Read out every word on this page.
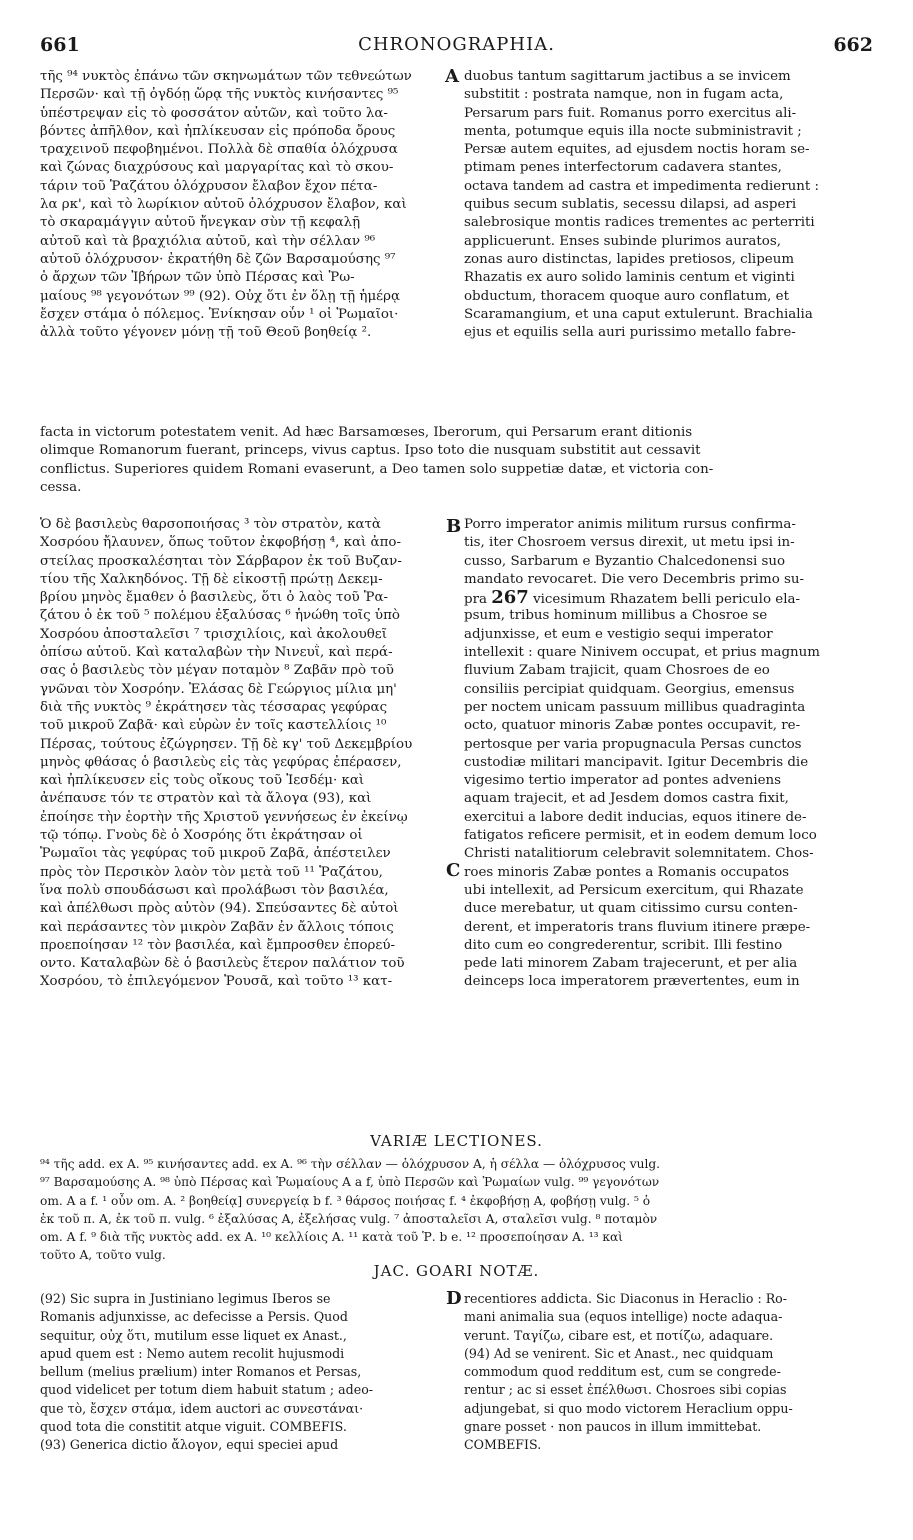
661	CHRONOGRAPHIA.	662
τῆς ⁹⁴ νυκτὸς ἐπάνω τῶν σκηνωμάτων τῶν τεθνεώτων
Περσῶν· καὶ τῇ ὀγδόῃ ὥρᾳ τῆς νυκτὸς κινήσαντες ⁹⁵
ὑπέστρεψαν εἰς τὸ φοσσάτον αὐτῶν, καὶ τοῦτο λα-
βόντες ἀπῆλθον, καὶ ἠπλίκευσαν εἰς πρόποδα ὄρους
τραχεινοῦ πεφοβημένοι. Πολλὰ δὲ σπαθία ὁλόχρυσα
καὶ ζώνας διαχρύσους καὶ μαργαρίτας καὶ τὸ σκου-
τάριν τοῦ Ῥαζάτου ὁλόχρυσον ἔλαβον ἔχον πέτα-
λα ρκ', καὶ τὸ λωρίκιον αὐτοῦ ὁλόχρυσον ἔλαβον, καὶ
τὸ σκαραμάγγιν αὐτοῦ ἤνεγκαν σὺν τῇ κεφαλῇ
αὐτοῦ καὶ τὰ βραχιόλια αὐτοῦ, καὶ τὴν σέλλαν ⁹⁶
αὐτοῦ ὁλόχρυσον· ἐκρατήθη δὲ ζῶν Βαρσαμούσης ⁹⁷
ὁ ἄρχων τῶν Ἰβήρων τῶν ὑπὸ Πέρσας καὶ Ῥω-
μαίους ⁹⁸ γεγονότων ⁹⁹ (92). Οὐχ ὅτι ἐν ὅλῃ τῇ ἡμέρᾳ
ἔσχεν στάμα ὁ πόλεμος. Ἐνίκησαν οὖν ¹ οἱ Ῥωμαῖοι·
ἀλλὰ τοῦτο γέγονεν μόνῃ τῇ τοῦ Θεοῦ βοηθείᾳ ².
A duobus tantum sagittarum jactibus a se invicem
substitit : postrata namque, non in fugam acta,
Persarum pars fuit. Romanus porro exercitus ali-
menta, potumque equis illa nocte subministravit ;
Persæ autem equites, ad ejusdem noctis horam se-
ptimam penes interfectorum cadavera stantes,
octava tandem ad castra et impedimenta redierunt :
quibus secum sublatis, secessu dilapsi, ad asperi
salebrosique montis radices trementes ac perterriti
applicuerunt. Enses subinde plurimos auratos,
zonas auro distinctas, lapides pretiosos, clipeum
Rhazatis ex auro solido laminis centum et viginti
obductum, thoracem quoque auro conflatum, et
Scaramangium, et una caput extulerunt. Brachialia
ejus et equilis sella auri purissimo metallo fabre-
facta in victorum potestatem venit. Ad hæc Barsamœses, Iberorum, qui Persarum erant ditionis
olimque Romanorum fuerant, princeps, vivus captus. Ipso toto die nusquam substitit aut cessavit
conflictus. Superiores quidem Romani evaserunt, a Deo tamen solo suppetiæ datæ, et victoria con-
cessa.
Ὁ δὲ βασιλεὺς θαρσοποιήσας ³ τὸν στρατὸν, κατὰ
Χοσρόου ἤλαυνεν, ὅπως τοῦτον ἐκφοβήσῃ ⁴, καὶ ἀπο-
στείλας προσκαλέσηται τὸν Σάρβαρον ἐκ τοῦ Βυζαν-
τίου τῆς Χαλκηδόνος. Τῇ δὲ εἰκοστῇ πρώτῃ Δεκεμ-
βρίου μηνὸς ἔμαθεν ὁ βασιλεὺς, ὅτι ὁ λαὸς τοῦ Ῥα-
ζάτου ὁ ἐκ τοῦ ⁵ πολέμου ἐξαλύσας ⁶ ἡνώθη τοῖς ὑπὸ
Χοσρόου ἀποσταλεῖσι ⁷ τρισχιλίοις, καὶ ἀκολουθεῖ
ὀπίσω αὐτοῦ. Καὶ καταλαβὼν τὴν Νινευῒ, καὶ περά-
σας ὁ βασιλεὺς τὸν μέγαν ποταμὸν ⁸ Ζαβᾶν πρὸ τοῦ
γνῶναι τὸν Χοσρόην. Ἐλάσας δὲ Γεώργιος μίλια μη'
διὰ τῆς νυκτὸς ⁹ ἐκράτησεν τὰς τέσσαρας γεφύρας
τοῦ μικροῦ Ζαβᾶ· καὶ εὑρὼν ἐν τοῖς καστελλίοις ¹⁰
Πέρσας, τούτους ἐζώγρησεν. Τῇ δὲ κγ' τοῦ Δεκεμβρίου
μηνὸς φθάσας ὁ βασιλεὺς εἰς τὰς γεφύρας ἐπέρασεν,
καὶ ἠπλίκευσεν εἰς τοὺς οἴκους τοῦ Ἰεσδέμ· καὶ
ἀνέπαυσε τόν τε στρατὸν καὶ τὰ ἄλογα (93), καὶ
ἐποίησε τὴν ἑορτὴν τῆς Χριστοῦ γεννήσεως ἐν ἐκείνῳ
τῷ τόπῳ. Γνοὺς δὲ ὁ Χοσρόης ὅτι ἐκράτησαν οἱ
Ῥωμαῖοι τὰς γεφύρας τοῦ μικροῦ Ζαβᾶ, ἀπέστειλεν
πρὸς τὸν Περσικὸν λαὸν τὸν μετὰ τοῦ ¹¹ Ῥαζάτου,
ἵνα πολὺ σπουδάσωσι καὶ προλάβωσι τὸν βασιλέα,
καὶ ἀπέλθωσι πρὸς αὐτὸν (94). Σπεύσαντες δὲ αὐτοὶ
καὶ περάσαντες τὸν μικρὸν Ζαβᾶν ἐν ἄλλοις τόποις
προεποίησαν ¹² τὸν βασιλέα, καὶ ἔμπροσθεν ἐπορεύ-
οντο. Καταλαβὼν δὲ ὁ βασιλεὺς ἕτερον παλάτιον τοῦ
Χοσρόου, τὸ ἐπιλεγόμενον Ῥουσᾶ, καὶ τοῦτο ¹³ κατ-
B
C
Porro imperator animis militum rursus confirma-
tis, iter Chosroem versus direxit, ut metu ipsi in-
cusso, Sarbarum e Byzantio Chalcedonensi suo
mandato revocaret. Die vero Decembris primo su-
pra 267 vicesimum Rhazatem belli periculo ela-
psum, tribus hominum millibus a Chosroe se
adjunxisse, et eum e vestigio sequi imperator
intellexit : quare Ninivem occupat, et prius magnum
fluvium Zabam trajicit, quam Chosroes de eo
consiliis percipiat quidquam. Georgius, emensus
per noctem unicam passuum millibus quadraginta
octo, quatuor minoris Zabæ pontes occupavit, re-
pertosque per varia propugnacula Persas cunctos
custodiæ militari mancipavit. Igitur Decembris die
vigesimo tertio imperator ad pontes adveniens
aquam trajecit, et ad Jesdem domos castra fixit,
exercitui a labore dedit inducias, equos itinere de-
fatigatos reficere permisit, et in eodem demum loco
Christi natalitiorum celebravit solemnitatem. Chos-
roes minoris Zabæ pontes a Romanis occupatos
ubi intellexit, ad Persicum exercitum, qui Rhazate
duce merebatur, ut quam citissimo cursu conten-
derent, et imperatoris trans fluvium itinere præpe-
dito cum eo congrederentur, scribit. Illi festino
pede lati minorem Zabam trajecerunt, et per alia
deinceps loca imperatorem prævertentes, eum in
VARIÆ LECTIONES.
⁹⁴ τῆς add. ex A. ⁹⁵ κινήσαντες add. ex A. ⁹⁶ τὴν σέλλαν — ὁλόχρυσον A, ἡ σέλλα — ὁλόχρυσος vulg.
⁹⁷ Βαρσαμούσης A. ⁹⁸ ὑπὸ Πέρσας καὶ Ῥωμαίους A a f, ὑπὸ Περσῶν καὶ Ῥωμαίων vulg. ⁹⁹ γεγονότων
om. A a f. ¹ οὖν om. A. ² βοηθείᾳ] συνεργείᾳ b f. ³ θάρσος ποιήσας f. ⁴ ἐκφοβήσῃ A, φοβήσῃ vulg. ⁵ ὁ
ἐκ τοῦ π. A, ἐκ τοῦ π. vulg. ⁶ ἐξαλύσας A, ἐξελήσας vulg. ⁷ ἀποσταλεῖσι A, σταλεῖσι vulg. ⁸ ποταμὸν
om. A f. ⁹ διὰ τῆς νυκτὸς add. ex A. ¹⁰ κελλίοις A. ¹¹ κατὰ τοῦ Ῥ. b e. ¹² προσεποίησαν A. ¹³ καὶ
τοῦτο A, τοῦτο vulg.
JAC. GOARI NOTÆ.
(92) Sic supra in Justiniano legimus Iberos se
Romanis adjunxisse, ac defecisse a Persis. Quod
sequitur, οὐχ ὅτι, mutilum esse liquet ex Anast.,
apud quem est : Nemo autem recolit hujusmodi
bellum (melius prælium) inter Romanos et Persas,
quod videlicet per totum diem habuit statum ; adeo-
que τὸ, ἔσχεν στάμα, idem auctori ac συνεστάναι·
quod tota die constitit atque viguit. COMBEFIS.
(93) Generica dictio ἄλογον, equi speciei apud
D recentiores addicta. Sic Diaconus in Heraclio : Ro-
mani animalia sua (equos intellige) nocte adaqua-
verunt. Ταγίζω, cibare est, et ποτίζω, adaquare.
(94) Ad se venirent. Sic et Anast., nec quidquam
commodum quod redditum est, cum se congrede-
rentur ; ac si esset ἐπέλθωσι. Chosroes sibi copias
adjungebat, si quo modo victorem Heraclium oppu-
gnare posset · non paucos in illum immittebat.
COMBEFIS.
